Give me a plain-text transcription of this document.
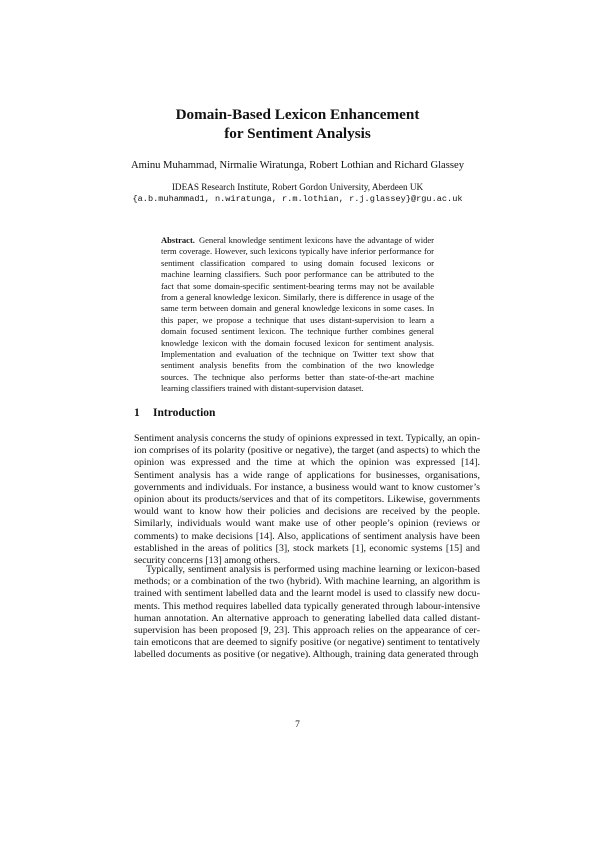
Domain-Based Lexicon Enhancement
for Sentiment Analysis
Aminu Muhammad, Nirmalie Wiratunga, Robert Lothian and Richard Glassey
IDEAS Research Institute, Robert Gordon University, Aberdeen UK
{a.b.muhammad1, n.wiratunga, r.m.lothian, r.j.glassey}@rgu.ac.uk
Abstract. General knowledge sentiment lexicons have the advantage of wider term coverage. However, such lexicons typically have inferior performance for sentiment classification compared to using domain focused lexicons or machine learning classifiers. Such poor performance can be attributed to the fact that some domain-specific sentiment-bearing terms may not be available from a general knowledge lexicon. Similarly, there is difference in usage of the same term between domain and general knowledge lexicons in some cases. In this paper, we propose a technique that uses distant-supervision to learn a domain focused sentiment lexicon. The technique further combines general knowledge lexicon with the domain focused lexicon for sentiment analysis. Implementation and evaluation of the technique on Twitter text show that sentiment analysis benefits from the combination of the two knowledge sources. The technique also performs better than state-of-the-art machine learning classifiers trained with distant-supervision dataset.
1 Introduction
Sentiment analysis concerns the study of opinions expressed in text. Typically, an opinion comprises of its polarity (positive or negative), the target (and aspects) to which the opinion was expressed and the time at which the opinion was expressed [14]. Sentiment analysis has a wide range of applications for businesses, organisations, governments and individuals. For instance, a business would want to know customer’s opinion about its products/services and that of its competitors. Likewise, governments would want to know how their policies and decisions are received by the people. Similarly, individuals would want make use of other people’s opinion (reviews or comments) to make decisions [14]. Also, applications of sentiment analysis have been established in the areas of politics [3], stock markets [1], economic systems [15] and security concerns [13] among others.
Typically, sentiment analysis is performed using machine learning or lexicon-based methods; or a combination of the two (hybrid). With machine learning, an algorithm is trained with sentiment labelled data and the learnt model is used to classify new documents. This method requires labelled data typically generated through labour-intensive human annotation. An alternative approach to generating labelled data called distant-supervision has been proposed [9, 23]. This approach relies on the appearance of certain emoticons that are deemed to signify positive (or negative) sentiment to tentatively labelled documents as positive (or negative). Although, training data generated through
7
